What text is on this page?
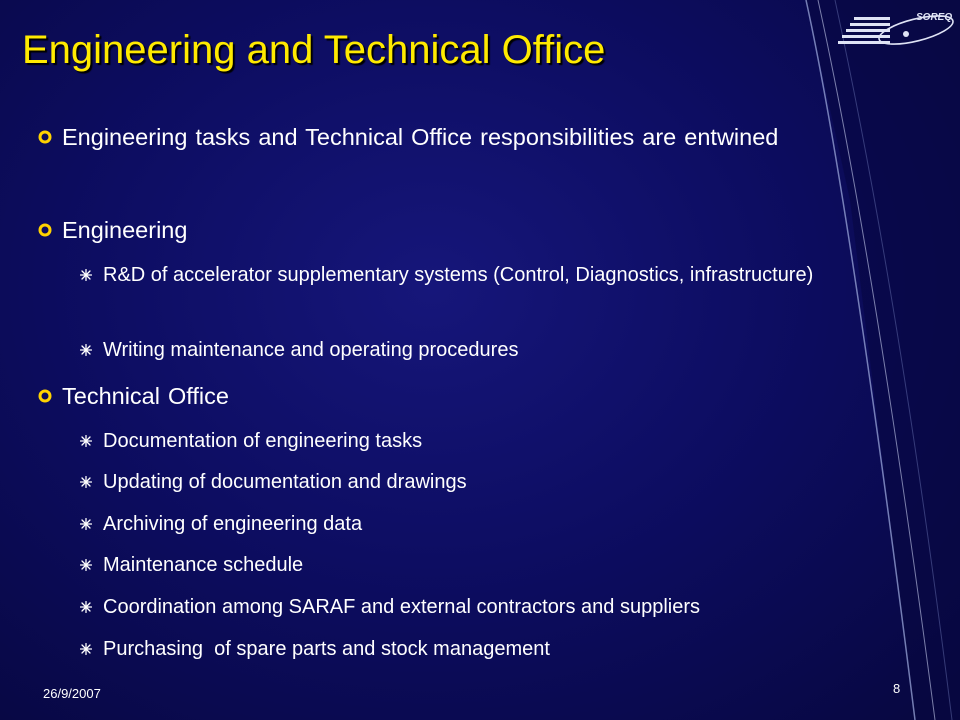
SOREQ
Engineering and Technical Office
Engineering tasks and Technical Office responsibilities are entwined
Engineering
R&D of accelerator supplementary systems (Control, Diagnostics, infrastructure)
Writing maintenance and operating procedures
Technical Office
Documentation of engineering tasks
Updating of documentation and drawings
Archiving of engineering data
Maintenance schedule
Coordination among SARAF and external contractors and suppliers
Purchasing  of spare parts and stock management
26/9/2007	8
